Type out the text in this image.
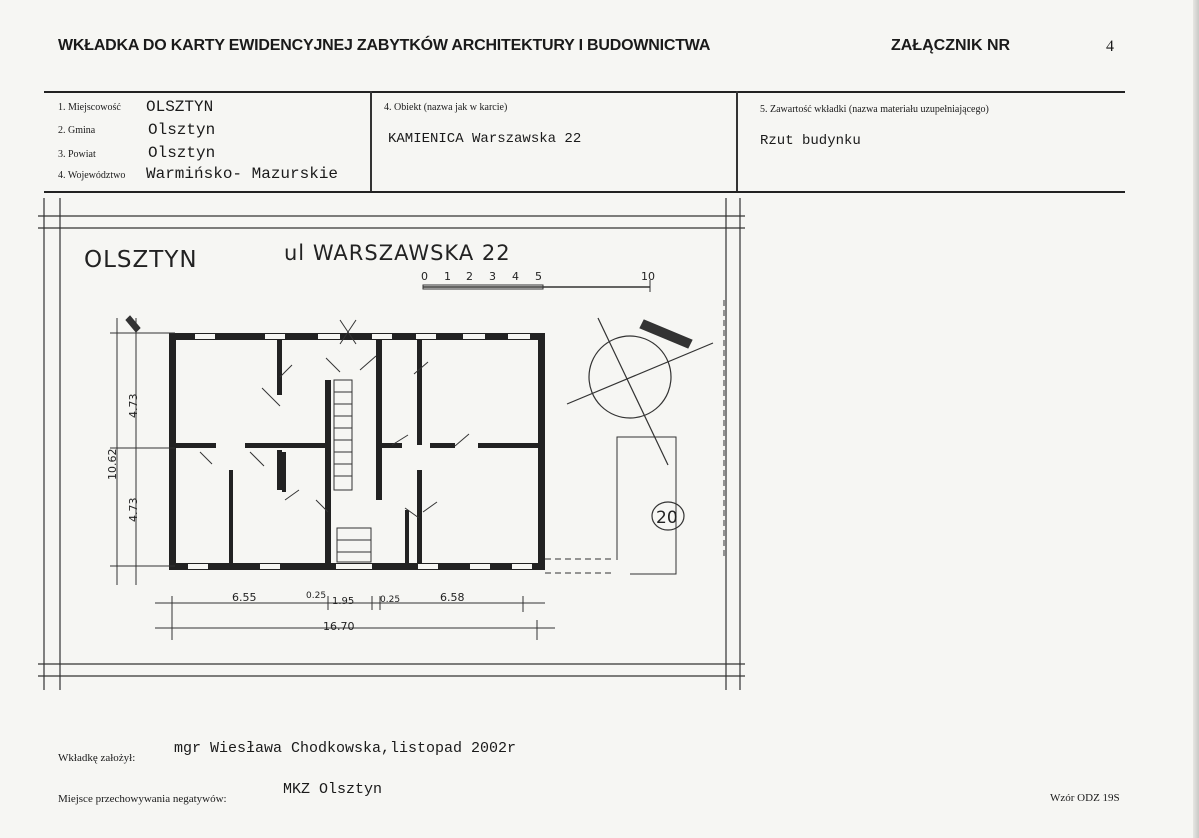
WKŁADKA DO KARTY EWIDENCYJNEJ ZABYTKÓW ARCHITEKTURY I BUDOWNICTWA	ZAŁĄCZNIK NR	4
1. Miejscowość OLSZTYN
2. Gmina	Olsztyn
3. Powiat	Olsztyn
4. Województwo Warmińsko- Mazurskie
4. Obiekt (nazwa jak w karcie)
KAMIENICA Warszawska 22
5. Zawartość wkładki (nazwa materiału uzupełniającego)
Rzut budynku
OLSZTYN	ul WARSZAWSKA 22
0 1 2 3 4 5	10
20
4.73
10.62
4.73
6.55	0.25 1.95	0.25	6.58
16.70
Wkładkę założył:
mgr Wiesława Chodkowska,listopad 2002r
Miejsce przechowywania negatywów:
MKZ Olsztyn	Wzór ODZ 19S
